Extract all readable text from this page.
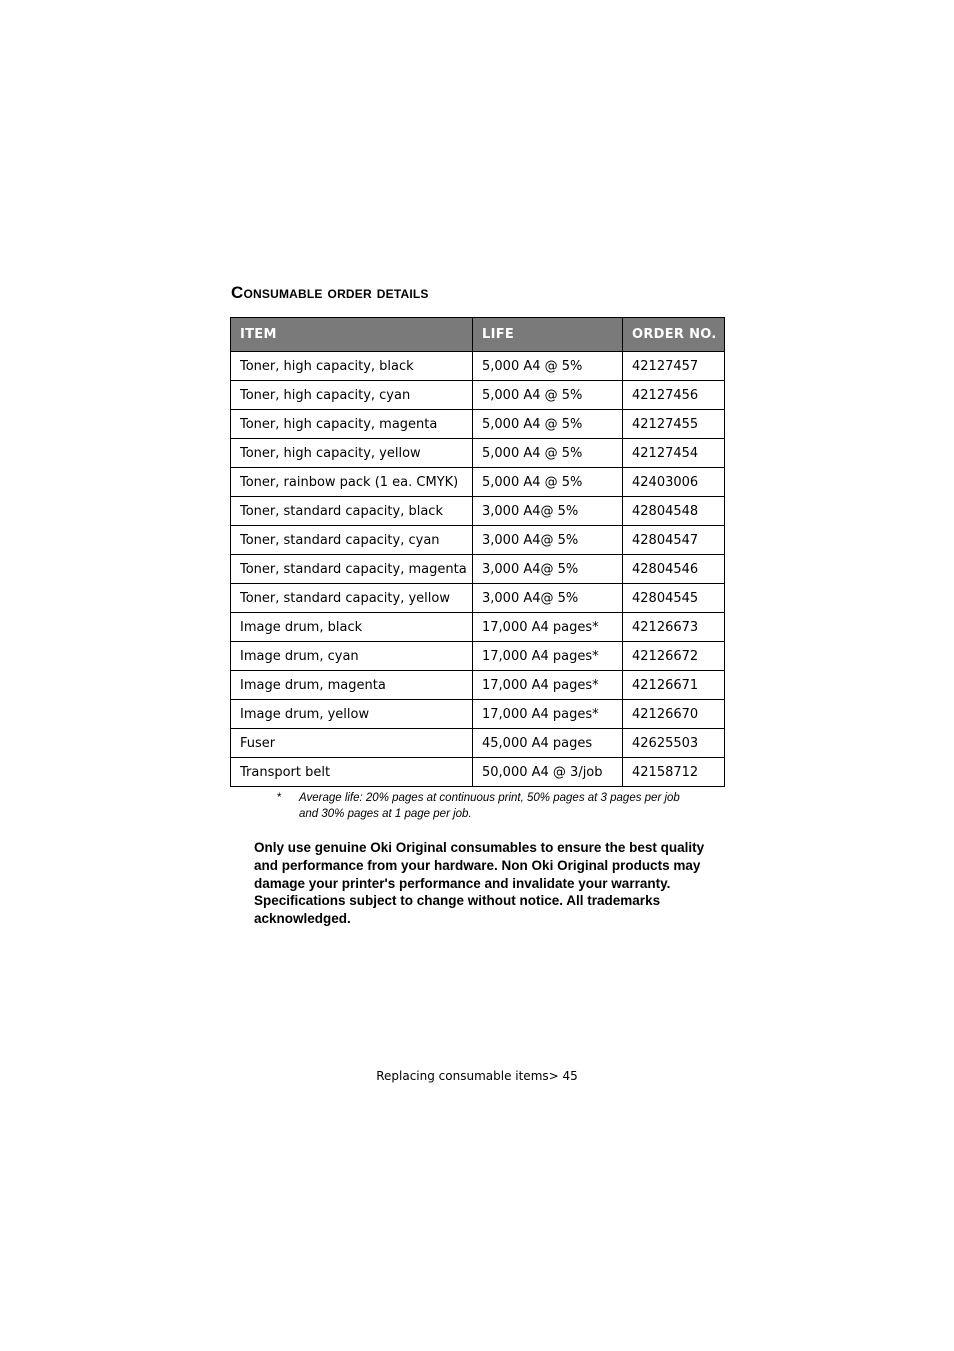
Consumable order details
ITEM	LIFE	ORDER NO.
Toner, high capacity, black	5,000 A4 @ 5%	42127457
Toner, high capacity, cyan	5,000 A4 @ 5%	42127456
Toner, high capacity, magenta	5,000 A4 @ 5%	42127455
Toner, high capacity, yellow	5,000 A4 @ 5%	42127454
Toner, rainbow pack (1 ea. CMYK)	5,000 A4 @ 5%	42403006
Toner, standard capacity, black	3,000 A4@ 5%	42804548
Toner, standard capacity, cyan	3,000 A4@ 5%	42804547
Toner, standard capacity, magenta	3,000 A4@ 5%	42804546
Toner, standard capacity, yellow	3,000 A4@ 5%	42804545
Image drum, black	17,000 A4 pages*	42126673
Image drum, cyan	17,000 A4 pages*	42126672
Image drum, magenta	17,000 A4 pages*	42126671
Image drum, yellow	17,000 A4 pages*	42126670
Fuser	45,000 A4 pages	42625503
Transport belt	50,000 A4 @ 3/job	42158712
* Average life: 20% pages at continuous print, 50% pages at 3 pages per job and 30% pages at 1 page per job.

Only use genuine Oki Original consumables to ensure the best quality and performance from your hardware. Non Oki Original products may damage your printer's performance and invalidate your warranty. Specifications subject to change without notice. All trademarks acknowledged.

Replacing consumable items> 45
